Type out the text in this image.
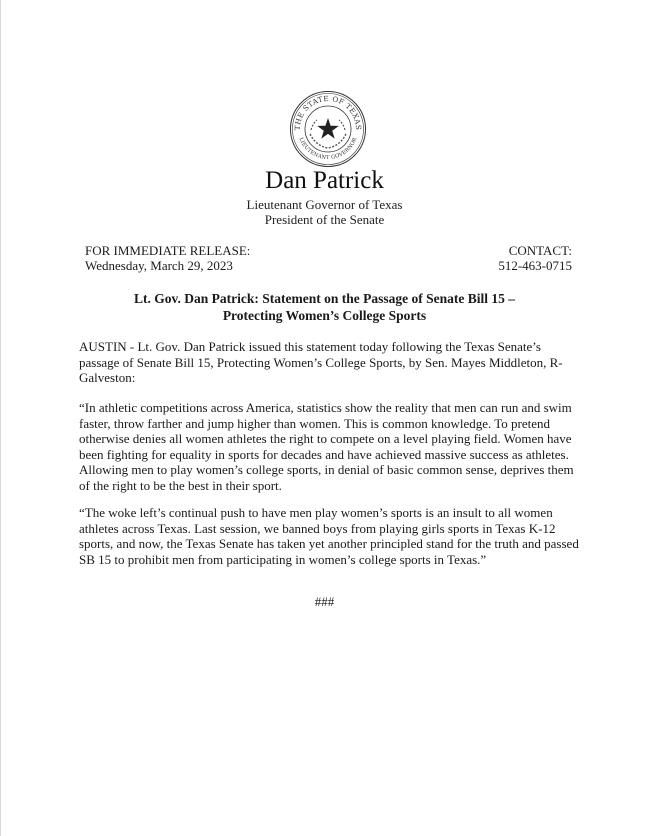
THE STATE OF TEXAS
LIEUTENANT GOVERNOR
Dan Patrick
Lieutenant Governor of Texas
President of the Senate
FOR IMMEDIATE RELEASE:
Wednesday, March 29, 2023
CONTACT:
512-463-0715
Lt. Gov. Dan Patrick: Statement on the Passage of Senate Bill 15 –
Protecting Women’s College Sports

AUSTIN - Lt. Gov. Dan Patrick issued this statement today following the Texas Senate’s passage of Senate Bill 15, Protecting Women’s College Sports, by Sen. Mayes Middleton, R-Galveston:

“In athletic competitions across America, statistics show the reality that men can run and swim faster, throw farther and jump higher than women. This is common knowledge. To pretend otherwise denies all women athletes the right to compete on a level playing field. Women have been fighting for equality in sports for decades and have achieved massive success as athletes. Allowing men to play women’s college sports, in denial of basic common sense, deprives them of the right to be the best in their sport.

“The woke left’s continual push to have men play women’s sports is an insult to all women athletes across Texas. Last session, we banned boys from playing girls sports in Texas K-12 sports, and now, the Texas Senate has taken yet another principled stand for the truth and passed SB 15 to prohibit men from participating in women’s college sports in Texas.”

###
